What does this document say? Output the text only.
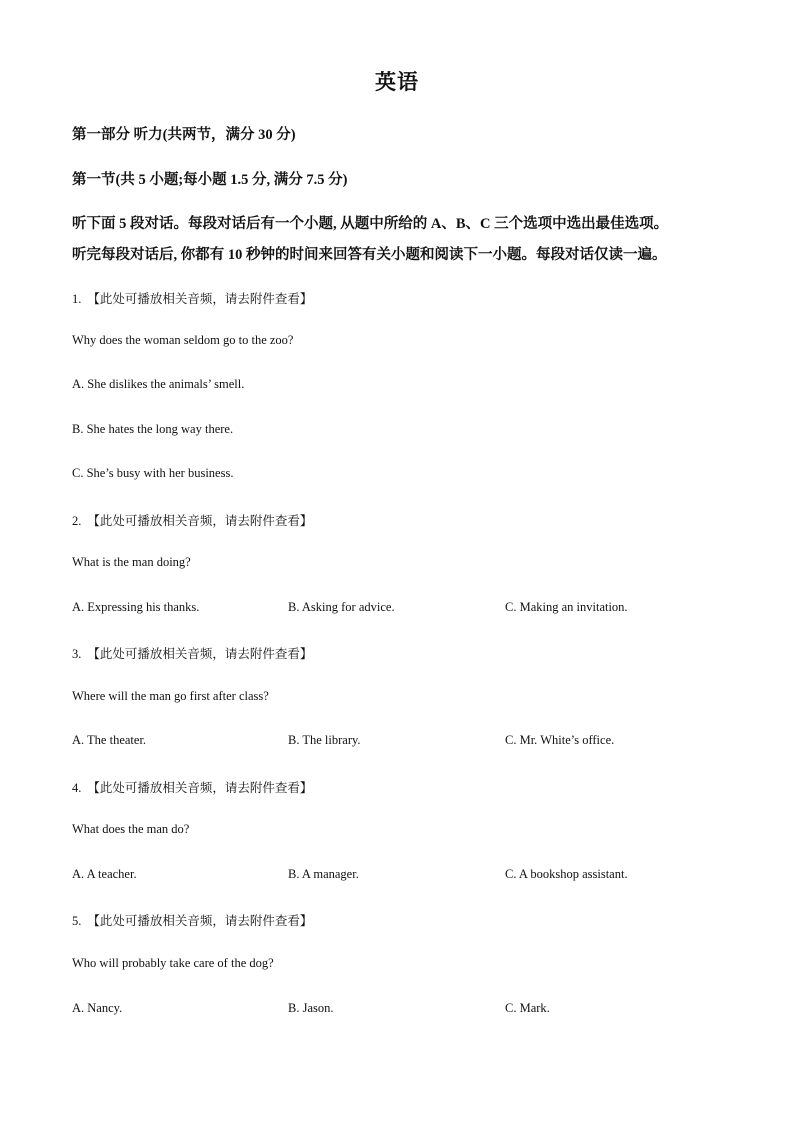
英语
第一部分 听力(共两节，满分 30 分)
第一节(共 5 小题;每小题 1.5 分, 满分 7.5 分)
听下面 5 段对话。每段对话后有一个小题, 从题中所给的 A、B、C 三个选项中选出最佳选项。
听完每段对话后, 你都有 10 秒钟的时间来回答有关小题和阅读下一小题。每段对话仅读一遍。
1. 【此处可播放相关音频，请去附件查看】
Why does the woman seldom go to the zoo?
A. She dislikes the animals’ smell.
B. She hates the long way there.
C. She’s busy with her business.
2. 【此处可播放相关音频，请去附件查看】
What is the man doing?
A. Expressing his thanks.	B. Asking for advice.	C. Making an invitation.
3. 【此处可播放相关音频，请去附件查看】
Where will the man go first after class?
A. The theater.	B. The library.	C. Mr. White’s office.
4. 【此处可播放相关音频，请去附件查看】
What does the man do?
A. A teacher.	B. A manager.	C. A bookshop assistant.
5. 【此处可播放相关音频，请去附件查看】
Who will probably take care of the dog?
A. Nancy.	B. Jason.	C. Mark.
